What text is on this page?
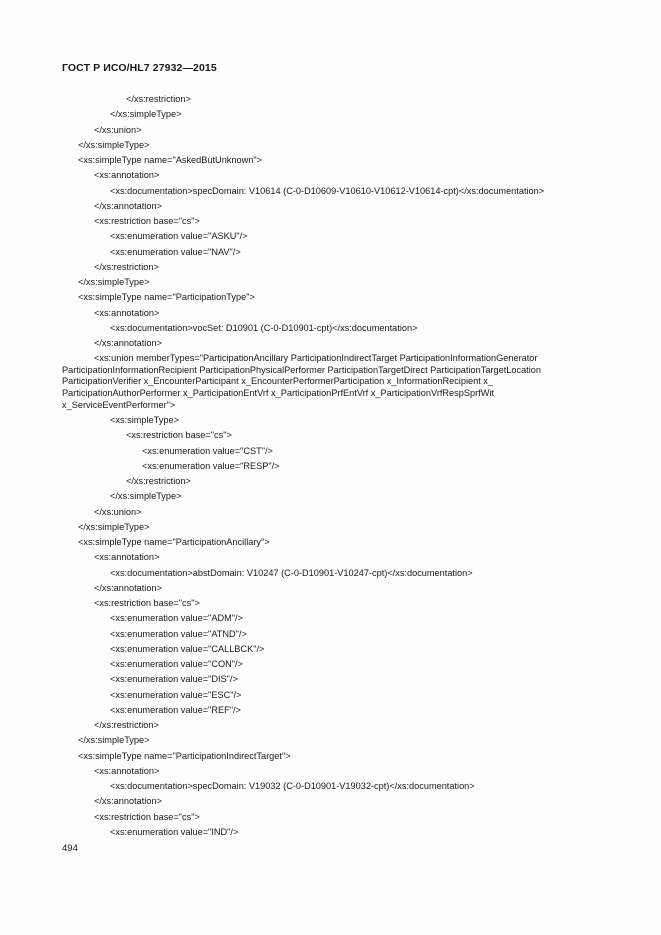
ГОСТ Р ИСО/HL7 27932—2015
</xs:restriction>
</xs:simpleType>
</xs:union>
</xs:simpleType>
<xs:simpleType name="AskedButUnknown">
<xs:annotation>
<xs:documentation>specDomain: V10614 (C-0-D10609-V10610-V10612-V10614-cpt)</xs:documentation>
</xs:annotation>
<xs:restriction base="cs">
<xs:enumeration value="ASKU"/>
<xs:enumeration value="NAV"/>
</xs:restriction>
</xs:simpleType>
<xs:simpleType name="ParticipationType">
<xs:annotation>
<xs:documentation>vocSet: D10901 (C-0-D10901-cpt)</xs:documentation>
</xs:annotation>
<xs:union memberTypes="ParticipationAncillary ParticipationIndirectTarget ParticipationInformationGenerator ParticipationInformationRecipient ParticipationPhysicalPerformer ParticipationTargetDirect ParticipationTargetLocation ParticipationVerifier x_EncounterParticipant x_EncounterPerformerParticipation x_InformationRecipient x_ ParticipationAuthorPerformer x_ParticipationEntVrf x_ParticipationPrfEntVrf x_ParticipationVrfRespSprfWit x_ServiceEventPerformer">
<xs:simpleType>
<xs:restriction base="cs">
<xs:enumeration value="CST"/>
<xs:enumeration value="RESP"/>
</xs:restriction>
</xs:simpleType>
</xs:union>
</xs:simpleType>
<xs:simpleType name="ParticipationAncillary">
<xs:annotation>
<xs:documentation>abstDomain: V10247 (C-0-D10901-V10247-cpt)</xs:documentation>
</xs:annotation>
<xs:restriction base="cs">
<xs:enumeration value="ADM"/>
<xs:enumeration value="ATND"/>
<xs:enumeration value="CALLBCK"/>
<xs:enumeration value="CON"/>
<xs:enumeration value="DIS"/>
<xs:enumeration value="ESC"/>
<xs:enumeration value="REF"/>
</xs:restriction>
</xs:simpleType>
<xs:simpleType name="ParticipationIndirectTarget">
<xs:annotation>
<xs:documentation>specDomain: V19032 (C-0-D10901-V19032-cpt)</xs:documentation>
</xs:annotation>
<xs:restriction base="cs">
<xs:enumeration value="IND"/>
494
